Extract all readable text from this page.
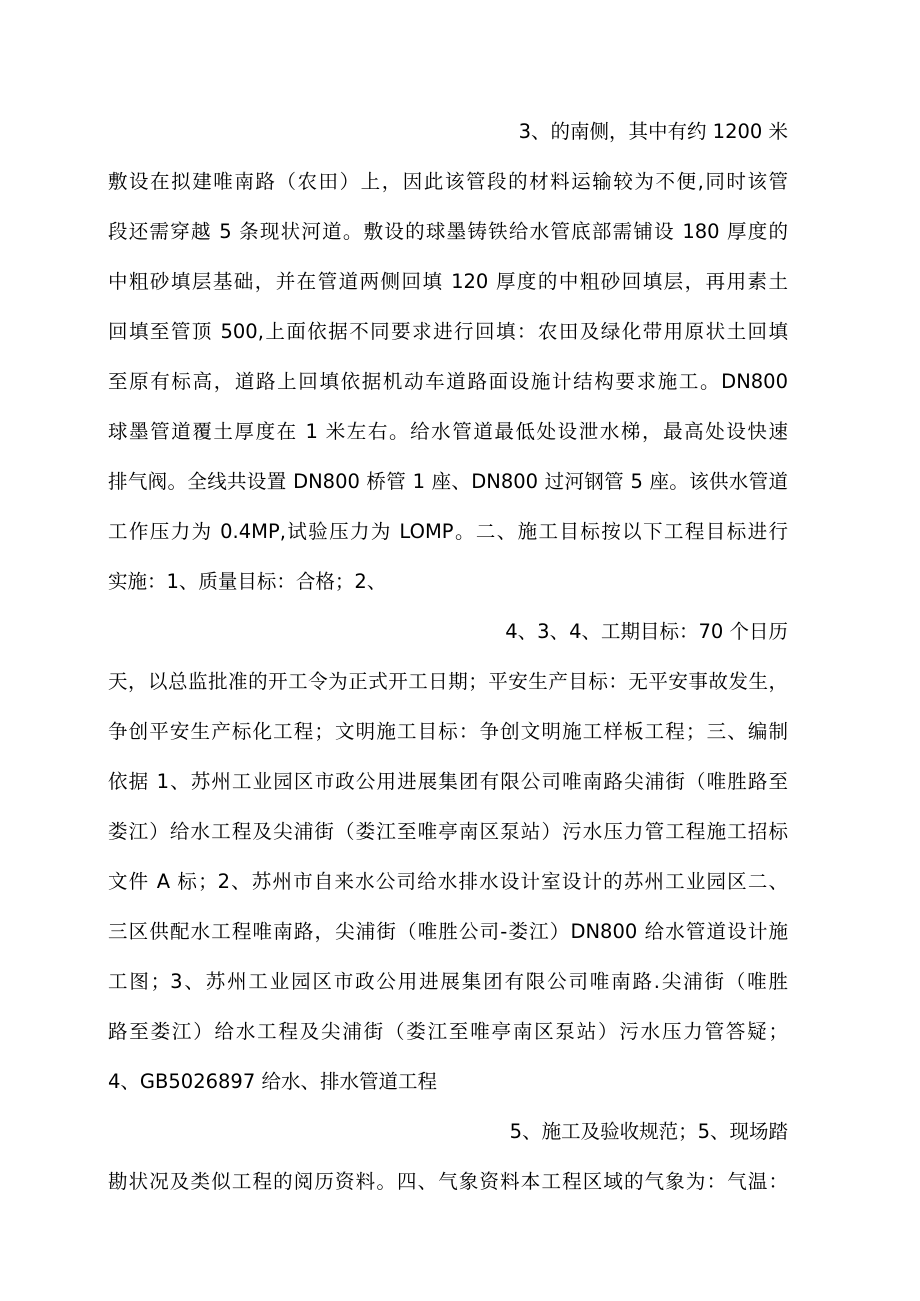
3、的南侧，其中有约 1200 米
敷设在拟建唯南路（农田）上，因此该管段的材料运输较为不便,同时该管
段还需穿越 5 条现状河道。敷设的球墨铸铁给水管底部需铺设 180 厚度的
中粗砂填层基础，并在管道两侧回填 120 厚度的中粗砂回填层，再用素土
回填至管顶 500,上面依据不同要求进行回填：农田及绿化带用原状土回填
至原有标高，道路上回填依据机动车道路面设施计结构要求施工。DN800
球墨管道覆土厚度在 1 米左右。给水管道最低处设泄水梯，最高处设快速
排气阀。全线共设置 DN800 桥管 1 座、DN800 过河钢管 5 座。该供水管道
工作压力为 0.4MP,试验压力为 LOMP。二、施工目标按以下工程目标进行
实施：1、质量目标：合格；2、
4、3、4、工期目标：70 个日历
天，以总监批准的开工令为正式开工日期；平安生产目标：无平安事故发生，
争创平安生产标化工程；文明施工目标：争创文明施工样板工程；三、编制
依据 1、苏州工业园区市政公用进展集团有限公司唯南路尖浦街（唯胜路至
娄江）给水工程及尖浦街（娄江至唯亭南区泵站）污水压力管工程施工招标
文件 A 标；2、苏州市自来水公司给水排水设计室设计的苏州工业园区二、
三区供配水工程唯南路，尖浦街（唯胜公司-娄江）DN800 给水管道设计施
工图；3、苏州工业园区市政公用进展集团有限公司唯南路.尖浦街（唯胜
路至娄江）给水工程及尖浦街（娄江至唯亭南区泵站）污水压力管答疑；
4、GB5026897 给水、排水管道工程
5、施工及验收规范；5、现场踏
勘状况及类似工程的阅历资料。四、气象资料本工程区域的气象为：气温：
